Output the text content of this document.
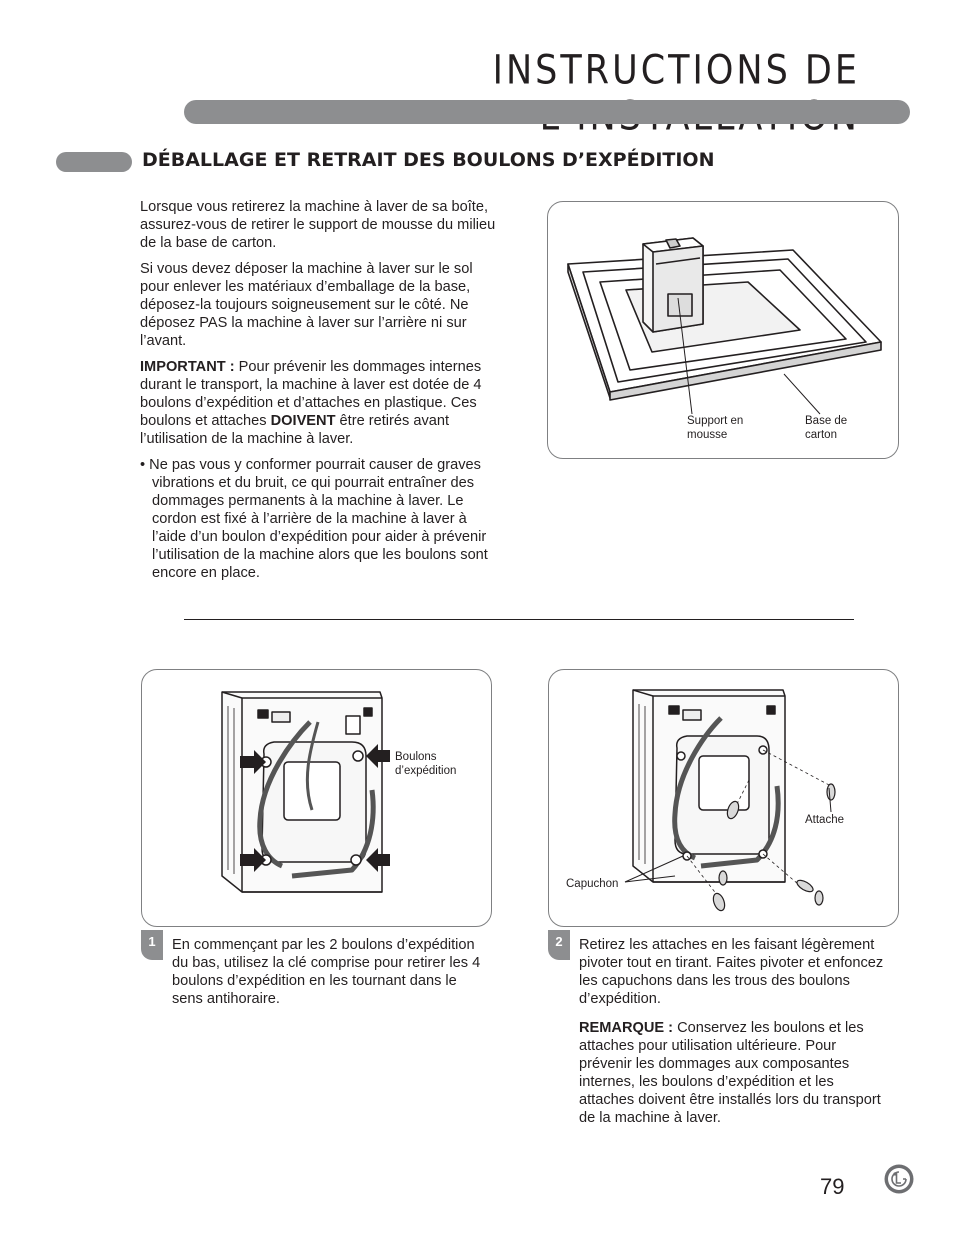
INSTRUCTIONS DE
DÉBALLAGE ET RETRAIT DES BOULONS D’EXPÉDITION

Lorsque vous retirerez la machine à laver de sa boîte, assurez-vous de retirer le support de mousse du milieu de la base de carton.

Si vous devez déposer la machine à laver sur le sol pour enlever les matériaux d’emballage de la base, déposez-la toujours soigneusement sur le côté. Ne déposez PAS la machine à laver sur l’arrière ni sur l’avant.

IMPORTANT : Pour prévenir les dommages internes durant le transport, la machine à laver est dotée de 4 boulons d’expédition et d’attaches en plastique. Ces boulons et attaches DOIVENT être retirés avant l’utilisation de la machine à laver.

• Ne pas vous y conformer pourrait causer de graves vibrations et du bruit, ce qui pourrait entraîner des dommages permanents à la machine à laver. Le cordon est fixé à l’arrière de la machine à laver à l’aide d’un boulon d’expédition pour aider à prévenir l’utilisation de la machine alors que les boulons sont encore en place.

Support en
mousse
Base de
carton
Boulons
d’expédition
Attache
Capuchon
1	En commençant par les 2 boulons d’expédition du bas, utilisez la clé comprise pour retirer les 4 boulons d’expédition en les tournant dans le sens antihoraire.

2	Retirez les attaches en les faisant légèrement pivoter tout en tirant. Faites pivoter et enfoncez les capuchons dans les trous des boulons d’expédition.

REMARQUE : Conservez les boulons et les attaches pour utilisation ultérieure. Pour prévenir les dommages aux composantes internes, les boulons d’expédition et les attaches doivent être installés lors du transport de la machine à laver.

79
LG
